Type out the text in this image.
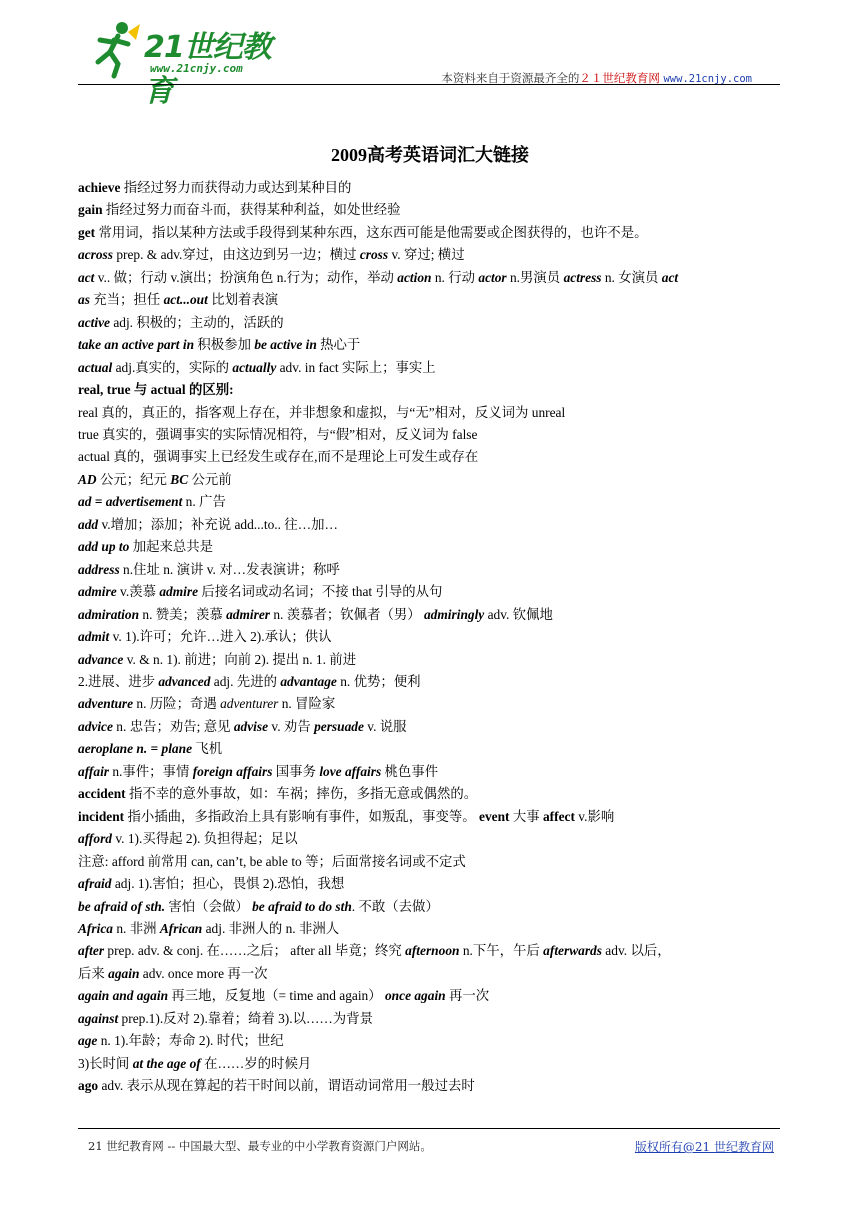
21世纪教育
www.21cnjy.com
本资料来自于资源最齐全的２１世纪教育网 www.21cnjy.com
2009高考英语词汇大链接
achieve 指经过努力而获得动力或达到某种目的
gain 指经过努力而奋斗而，获得某种利益，如处世经验
get 常用词，指以某种方法或手段得到某种东西，这东西可能是他需要或企图获得的，也许不是。
across prep. & adv.穿过，由这边到另一边；横过 cross v. 穿过; 横过
act v.. 做；行动 v.演出；扮演角色 n.行为；动作，举动 action n. 行动 actor n.男演员 actress n. 女演员 act
as 充当；担任 act...out 比划着表演
active adj. 积极的；主动的，活跃的
take an active part in 积极参加 be active in 热心于
actual adj.真实的，实际的 actually adv. in fact 实际上；事实上
real, true 与 actual 的区别:
real 真的，真正的，指客观上存在，并非想象和虚拟，与“无”相对，反义词为 unreal
true 真实的，强调事实的实际情况相符，与“假”相对，反义词为 false
actual 真的，强调事实上已经发生或存在,而不是理论上可发生或存在
AD 公元；纪元 BC 公元前
ad = advertisement n. 广告
add v.增加；添加；补充说 add...to.. 往…加…
add up to 加起来总共是
address n.住址 n. 演讲 v. 对…发表演讲；称呼
admire v.羡慕 admire 后接名词或动名词；不接 that 引导的从句
admiration n. 赞美；羡慕 admirer n. 羡慕者；钦佩者（男） admiringly adv. 钦佩地
admit v. 1).许可；允许…进入 2).承认；供认
advance v. & n. 1). 前进；向前 2). 提出 n. 1. 前进
2.进展、进步 advanced adj. 先进的 advantage n. 优势；便利
adventure n. 历险；奇遇 adventurer n. 冒险家
advice n. 忠告；劝告; 意见 advise v. 劝告 persuade v. 说服
aeroplane n. = plane 飞机
affair n.事件；事情 foreign affairs 国事务 love affairs 桃色事件
accident 指不幸的意外事故，如：车祸；摔伤，多指无意或偶然的。
incident 指小插曲，多指政治上具有影响有事件，如叛乱，事变等。 event 大事 affect v.影响
afford v. 1).买得起 2). 负担得起；足以
注意: afford 前常用 can, can’t, be able to 等；后面常接名词或不定式
afraid adj. 1).害怕；担心，畏惧 2).恐怕，我想
be afraid of sth. 害怕（会做） be afraid to do sth. 不敢（去做）
Africa n. 非洲 African adj. 非洲人的 n. 非洲人
after prep. adv. & conj. 在……之后； after all 毕竟；终究 afternoon n.下午，午后 afterwards adv. 以后，
后来 again adv. once more 再一次
again and again 再三地，反复地（= time and again） once again 再一次
against prep.1).反对 2).靠着；绮着 3).以……为背景
age n. 1).年龄；寿命 2). 时代；世纪
3)长时间 at the age of 在……岁的时候月
ago adv. 表示从现在算起的若干时间以前，谓语动词常用一般过去时
21 世纪教育网 -- 中国最大型、最专业的中小学教育资源门户网站。	版权所有@21 世纪教育网
